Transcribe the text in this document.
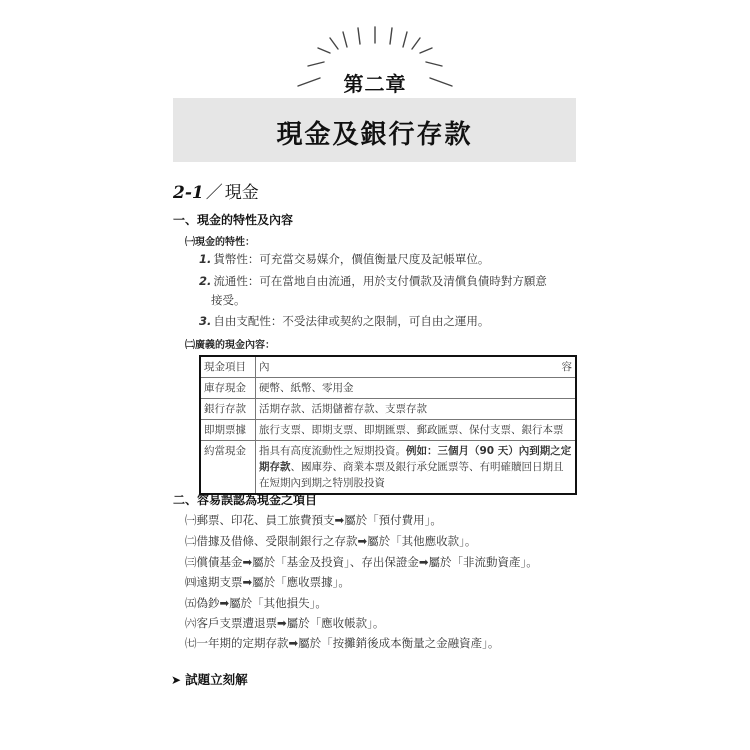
第二章
現金及銀行存款
2-1 ／ 現金
一、現金的特性及內容
㈠現金的特性：
1. 貨幣性：可充當交易媒介，價值衡量尺度及記帳單位。
2. 流通性：可在當地自由流通，用於支付價款及清償負債時對方願意
接受。
3. 自由支配性：不受法律或契約之限制，可自由之運用。
㈡廣義的現金內容：
現金項目	內 容

庫存現金	硬幣、紙幣、零用金
銀行存款	活期存款、活期儲蓄存款、支票存款
即期票據	旅行支票、即期支票、即期匯票、郵政匯票、保付支票、銀行本票
約當現金	指具有高度流動性之短期投資。例如：三個月（90 天）內到期之定期存款、國庫券、商業本票及銀行承兌匯票等、有明確贖回日期且在短期內到期之特別股投資
二、容易誤認為現金之項目
㈠郵票、印花、員工旅費預支➡屬於「預付費用」。
㈡借據及借條、受限制銀行之存款➡屬於「其他應收款」。
㈢償債基金➡屬於「基金及投資」、存出保證金➡屬於「非流動資產」。
㈣遠期支票➡屬於「應收票據」。
㈤偽鈔➡屬於「其他損失」。
㈥客戶支票遭退票➡屬於「應收帳款」。
㈦一年期的定期存款➡屬於「按攤銷後成本衡量之金融資產」。
➤ 試題立刻解
